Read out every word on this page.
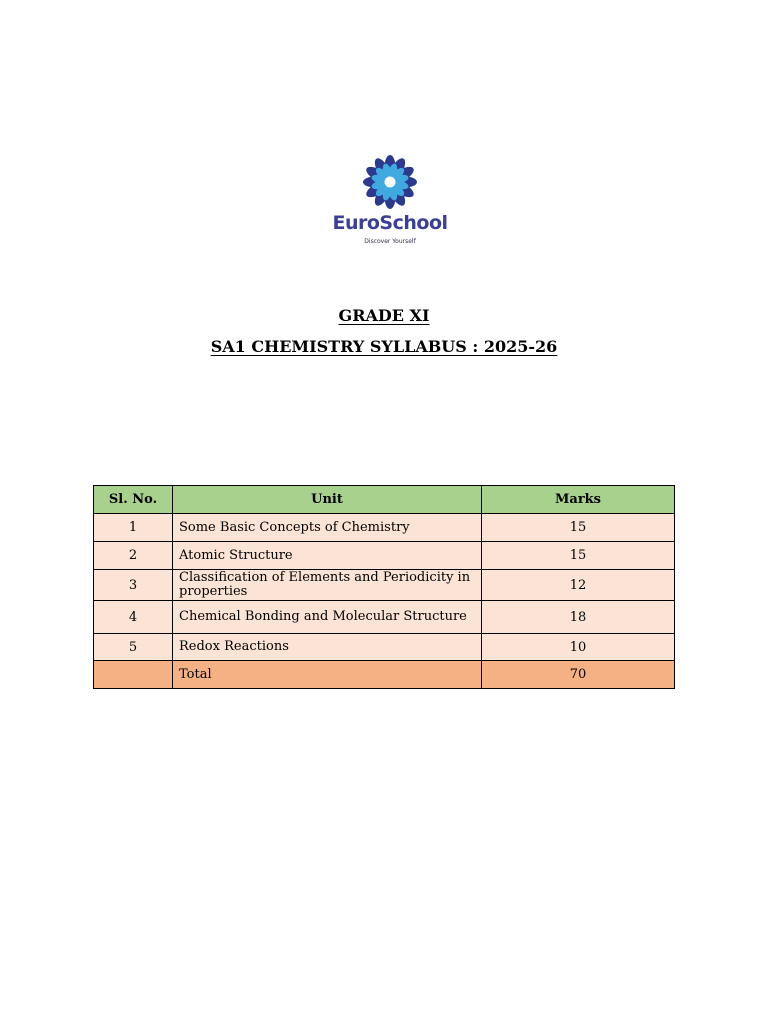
EuroSchool
Discover Yourself
GRADE XI
SA1 CHEMISTRY SYLLABUS : 2025-26
Sl. No.	Unit	Marks
1	Some Basic Concepts of Chemistry	15
2	Atomic Structure	15
3	Classification of Elements and Periodicity in properties	12
4	Chemical Bonding and Molecular Structure	18
5	Redox Reactions	10
	Total	70
